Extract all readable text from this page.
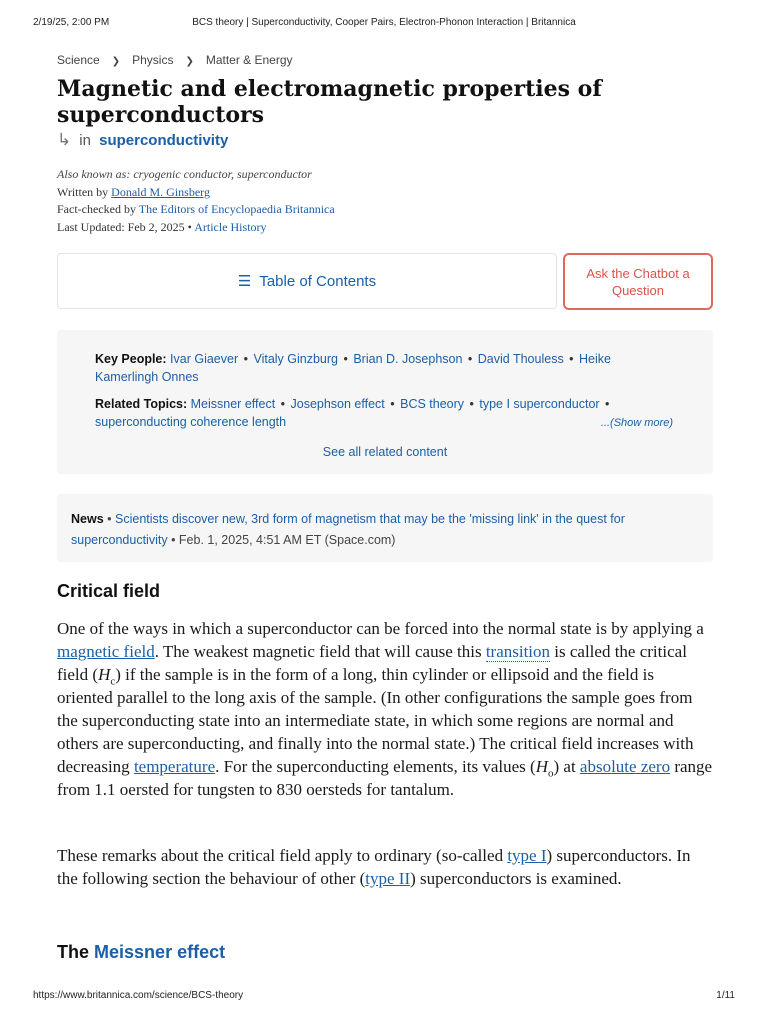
2/19/25, 2:00 PM	BCS theory | Superconductivity, Cooper Pairs, Electron-Phonon Interaction | Britannica
Science ❯ Physics ❯ Matter & Energy
Magnetic and electromagnetic properties of superconductors
↳ in superconductivity
Also known as: cryogenic conductor, superconductor
Written by Donald M. Ginsberg
Fact-checked by The Editors of Encyclopaedia Britannica
Last Updated: Feb 2, 2025 • Article History
☰ Table of Contents	Ask the Chatbot a Question
Key People: Ivar Giaever • Vitaly Ginzburg • Brian D. Josephson • David Thouless • Heike Kamerlingh Onnes
Related Topics: Meissner effect • Josephson effect • BCS theory • type I superconductor • superconducting coherence length	...(Show more)
See all related content
News • Scientists discover new, 3rd form of magnetism that may be the 'missing link' in the quest for superconductivity • Feb. 1, 2025, 4:51 AM ET (Space.com)
Critical field

One of the ways in which a superconductor can be forced into the normal state is by applying a magnetic field. The weakest magnetic field that will cause this transition is called the critical field $(H_c)$ if the sample is in the form of a long, thin cylinder or ellipsoid and the field is oriented parallel to the long axis of the sample. (In other configurations the sample goes from the superconducting state into an intermediate state, in which some regions are normal and others are superconducting, and finally into the normal state.) The critical field increases with decreasing temperature. For the superconducting elements, its values $(H_o)$ at absolute zero range from 1.1 oersted for tungsten to 830 oersteds for tantalum.

These remarks about the critical field apply to ordinary (so-called type I) superconductors. In the following section the behaviour of other (type II) superconductors is examined.

The Meissner effect
https://www.britannica.com/science/BCS-theory	1/11
